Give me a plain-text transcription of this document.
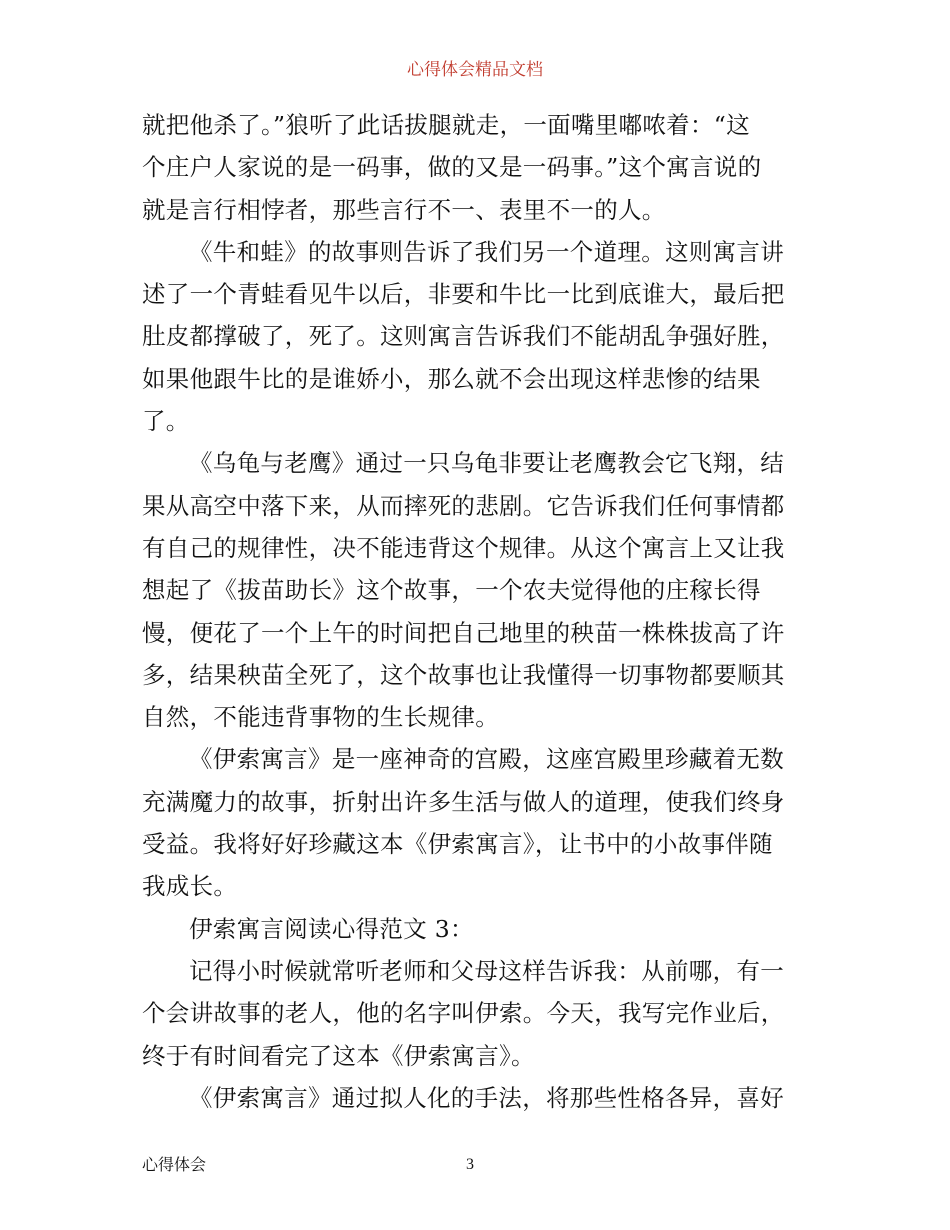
心得体会精品文档
就把他杀了。”狼听了此话拔腿就走，一面嘴里嘟哝着：“这
个庄户人家说的是一码事，做的又是一码事。”这个寓言说的
就是言行相悖者，那些言行不一、表里不一的人。
《牛和蛙》的故事则告诉了我们另一个道理。这则寓言讲
述了一个青蛙看见牛以后，非要和牛比一比到底谁大，最后把
肚皮都撑破了，死了。这则寓言告诉我们不能胡乱争强好胜，
如果他跟牛比的是谁娇小，那么就不会出现这样悲惨的结果
了。
《乌龟与老鹰》通过一只乌龟非要让老鹰教会它飞翔，结
果从高空中落下来，从而摔死的悲剧。它告诉我们任何事情都
有自己的规律性，决不能违背这个规律。从这个寓言上又让我
想起了《拔苗助长》这个故事，一个农夫觉得他的庄稼长得
慢，便花了一个上午的时间把自己地里的秧苗一株株拔高了许
多，结果秧苗全死了，这个故事也让我懂得一切事物都要顺其
自然，不能违背事物的生长规律。
《伊索寓言》是一座神奇的宫殿，这座宫殿里珍藏着无数
充满魔力的故事，折射出许多生活与做人的道理，使我们终身
受益。我将好好珍藏这本《伊索寓言》，让书中的小故事伴随
我成长。
伊索寓言阅读心得范文 3：
记得小时候就常听老师和父母这样告诉我：从前哪，有一
个会讲故事的老人，他的名字叫伊索。今天，我写完作业后，
终于有时间看完了这本《伊索寓言》。
《伊索寓言》通过拟人化的手法，将那些性格各异，喜好
心得体会	3
